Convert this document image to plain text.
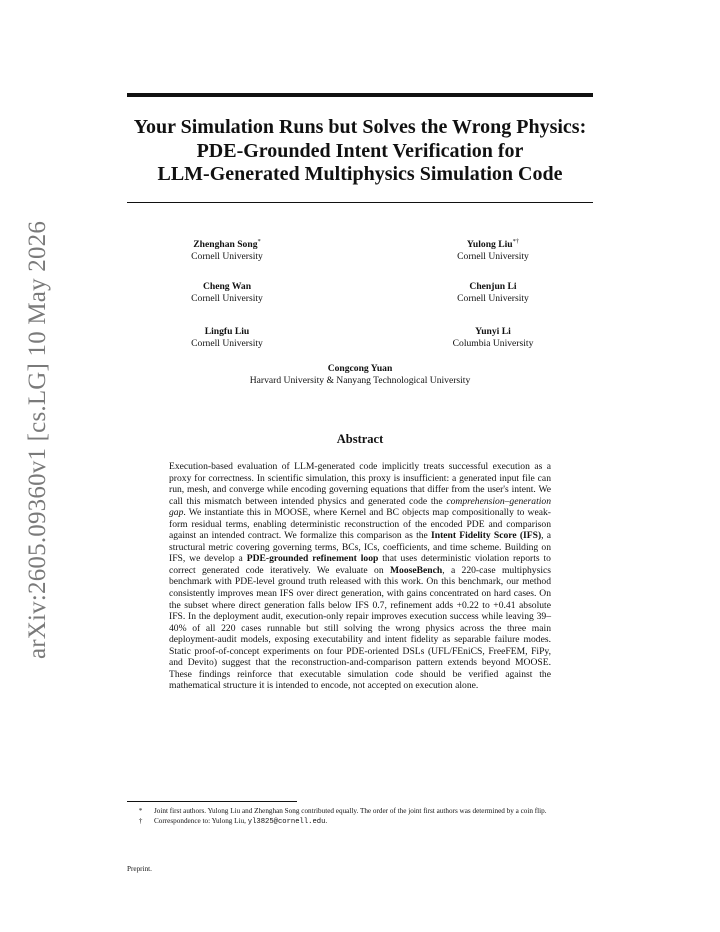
arXiv:2605.09360v1 [cs.LG] 10 May 2026
Your Simulation Runs but Solves the Wrong Physics:
PDE-Grounded Intent Verification for
LLM-Generated Multiphysics Simulation Code
Zhenghan Song*
Cornell University
Yulong Liu*†
Cornell University
Cheng Wan
Cornell University
Chenjun Li
Cornell University
Lingfu Liu
Cornell University
Yunyi Li
Columbia University
Congcong Yuan
Harvard University & Nanyang Technological University
Abstract
Execution-based evaluation of LLM-generated code implicitly treats successful execution as a proxy for correctness. In scientific simulation, this proxy is insufficient: a generated input file can run, mesh, and converge while encoding governing equations that differ from the user's intent. We call this mismatch between intended physics and generated code the comprehension–generation gap. We instantiate this in MOOSE, where Kernel and BC objects map compositionally to weak-form residual terms, enabling deterministic reconstruction of the encoded PDE and comparison against an intended contract. We formalize this comparison as the Intent Fidelity Score (IFS), a structural metric covering governing terms, BCs, ICs, coefficients, and time scheme. Building on IFS, we develop a PDE-grounded refinement loop that uses deterministic violation reports to correct generated code iteratively. We evaluate on MooseBench, a 220-case multiphysics benchmark with PDE-level ground truth released with this work. On this benchmark, our method consistently improves mean IFS over direct generation, with gains concentrated on hard cases. On the subset where direct generation falls below IFS 0.7, refinement adds +0.22 to +0.41 absolute IFS. In the deployment audit, execution-only repair improves execution success while leaving 39–40% of all 220 cases runnable but still solving the wrong physics across the three main deployment-audit models, exposing executability and intent fidelity as separable failure modes. Static proof-of-concept experiments on four PDE-oriented DSLs (UFL/FEniCS, FreeFEM, FiPy, and Devito) suggest that the reconstruction-and-comparison pattern extends beyond MOOSE. These findings reinforce that executable simulation code should be verified against the mathematical structure it is intended to encode, not accepted on execution alone.
*	Joint first authors. Yulong Liu and Zhenghan Song contributed equally. The order of the joint first authors was determined by a coin flip.
†	Correspondence to: Yulong Liu, yl3825@cornell.edu.
Preprint.
